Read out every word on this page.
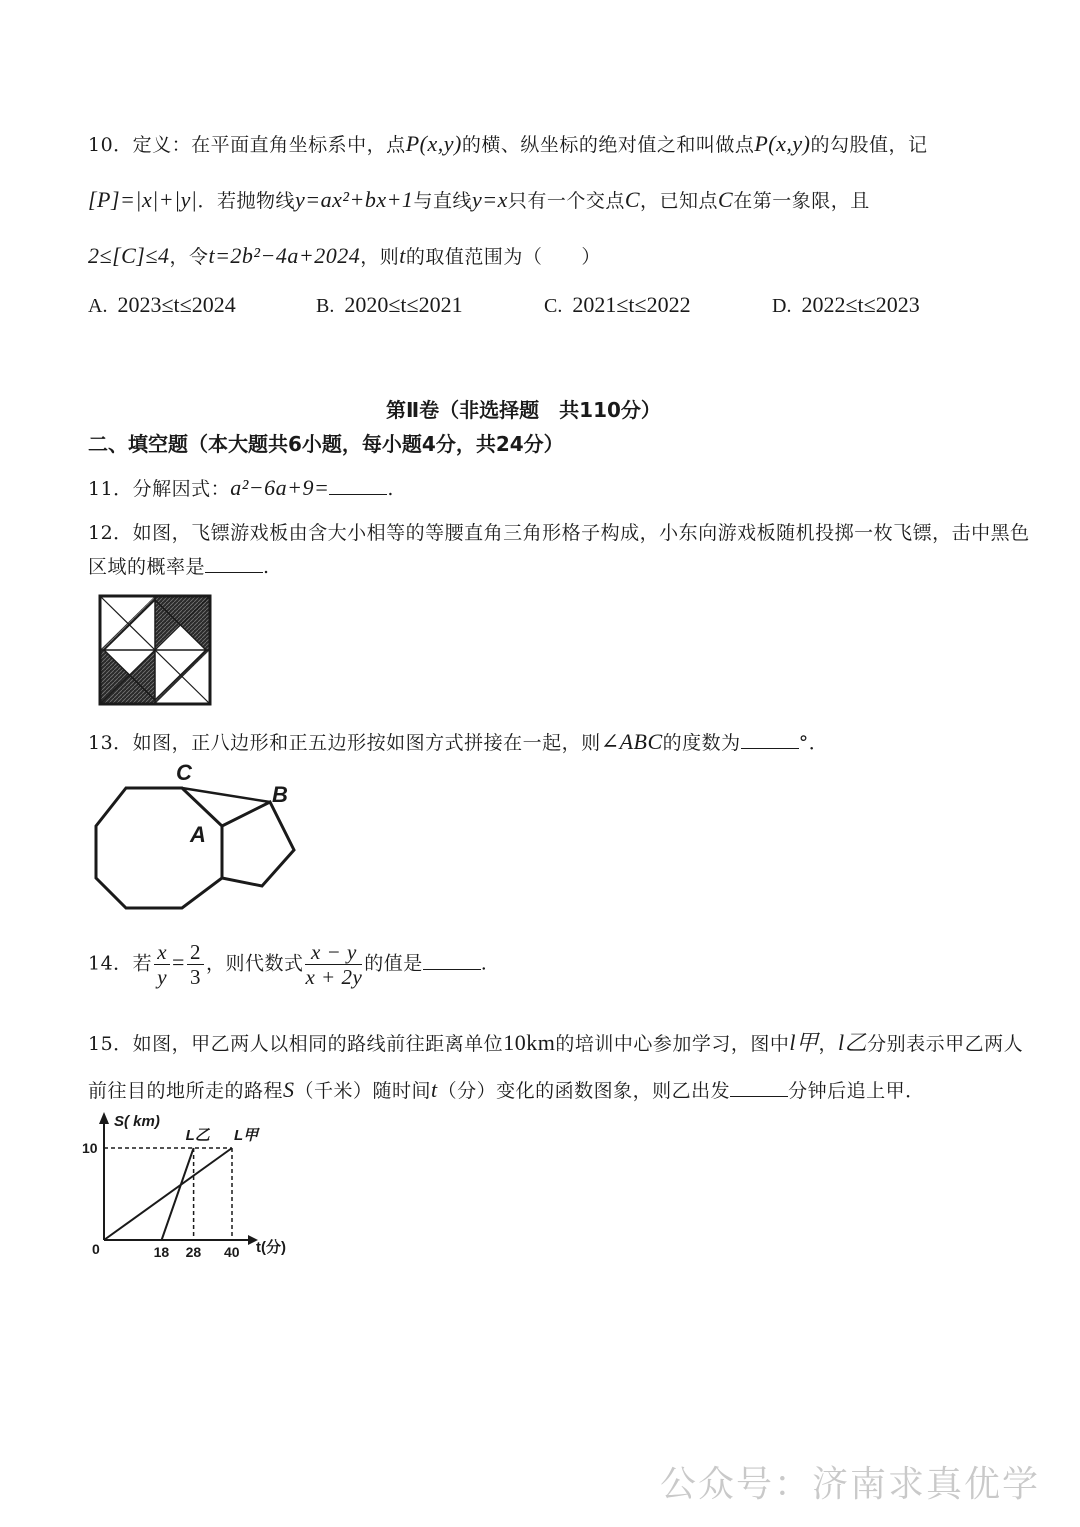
10．定义：在平面直角坐标系中，点P(x,y)的横、纵坐标的绝对值之和叫做点P(x,y)的勾股值，记
[P]=|x|+|y|．若抛物线y=ax²+bx+1与直线y=x只有一个交点C，已知点C在第一象限，且
2≤[C]≤4，令t=2b²−4a+2024，则t的取值范围为（　　）
A. 2023≤t≤2024	B. 2020≤t≤2021	C. 2021≤t≤2022	D. 2022≤t≤2023
第Ⅱ卷（非选择题　共110分）
二、填空题（本大题共6小题，每小题4分，共24分）
11．分解因式：a²−6a+9=	.
12．如图，飞镖游戏板由含大小相等的等腰直角三角形格子构成，小东向游戏板随机投掷一枚飞镖，击中黑色
区域的概率是	.
13．如图，正八边形和正五边形按如图方式拼接在一起，则∠ABC的度数为	°．
C
B
A
14．若 $\frac{x}{y} = \frac{2}{3}$ ，则代数式 $\frac{x - y}{x + 2y}$ 的值是	.
15．如图，甲乙两人以相同的路线前往距离单位10km的培训中心参加学习，图中l甲，l乙分别表示甲乙两人
前往目的地所走的路程S（千米）随时间t（分）变化的函数图象，则乙出发	分钟后追上甲．
L乙 L甲
18 28 40
10
S( km)
t(分)
0
公众号：济南求真优学
